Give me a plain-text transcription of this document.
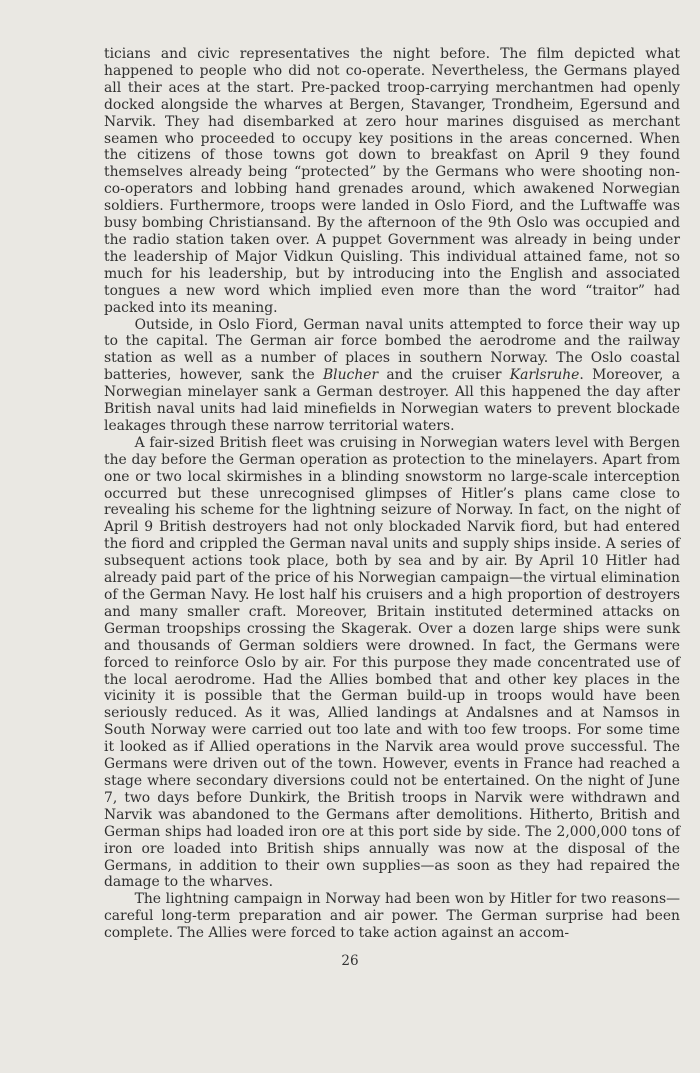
ticians and civic representatives the night before. The film depicted what happened to people who did not co-operate. Nevertheless, the Germans played all their aces at the start. Pre-packed troop-carrying merchantmen had openly docked alongside the wharves at Bergen, Stavanger, Trondheim, Egersund and Narvik. They had disembarked at zero hour marines disguised as merchant seamen who proceeded to occupy key positions in the areas concerned. When the citizens of those towns got down to breakfast on April 9 they found themselves already being “protected” by the Germans who were shooting non-co-operators and lobbing hand grenades around, which awakened Norwegian soldiers. Furthermore, troops were landed in Oslo Fiord, and the Luftwaffe was busy bombing Christiansand. By the afternoon of the 9th Oslo was occupied and the radio station taken over. A puppet Government was already in being under the leadership of Major Vidkun Quisling. This individual attained fame, not so much for his leadership, but by introducing into the English and associated tongues a new word which implied even more than the word “traitor” had packed into its meaning.

Outside, in Oslo Fiord, German naval units attempted to force their way up to the capital. The German air force bombed the aerodrome and the railway station as well as a number of places in southern Norway. The Oslo coastal batteries, however, sank the Blucher and the cruiser Karlsruhe. Moreover, a Norwegian minelayer sank a German destroyer. All this happened the day after British naval units had laid minefields in Norwegian waters to prevent blockade leakages through these narrow territorial waters.

A fair-sized British fleet was cruising in Norwegian waters level with Bergen the day before the German operation as protection to the minelayers. Apart from one or two local skirmishes in a blinding snowstorm no large-scale interception occurred but these unrecognised glimpses of Hitler’s plans came close to revealing his scheme for the lightning seizure of Norway. In fact, on the night of April 9 British destroyers had not only blockaded Narvik fiord, but had entered the fiord and crippled the German naval units and supply ships inside. A series of subsequent actions took place, both by sea and by air. By April 10 Hitler had already paid part of the price of his Norwegian campaign—the virtual elimination of the German Navy. He lost half his cruisers and a high proportion of destroyers and many smaller craft. Moreover, Britain instituted determined attacks on German troopships crossing the Skagerak. Over a dozen large ships were sunk and thousands of German soldiers were drowned. In fact, the Germans were forced to reinforce Oslo by air. For this purpose they made concentrated use of the local aerodrome. Had the Allies bombed that and other key places in the vicinity it is possible that the German build-up in troops would have been seriously reduced. As it was, Allied landings at Andalsnes and at Namsos in South Norway were carried out too late and with too few troops. For some time it looked as if Allied operations in the Narvik area would prove successful. The Germans were driven out of the town. However, events in France had reached a stage where secondary diversions could not be entertained. On the night of June 7, two days before Dunkirk, the British troops in Narvik were withdrawn and Narvik was abandoned to the Germans after demolitions. Hitherto, British and German ships had loaded iron ore at this port side by side. The 2,000,000 tons of iron ore loaded into British ships annually was now at the disposal of the Germans, in addition to their own supplies—as soon as they had repaired the damage to the wharves.

The lightning campaign in Norway had been won by Hitler for two reasons—careful long-term preparation and air power. The German surprise had been complete. The Allies were forced to take action against an accom-

26
